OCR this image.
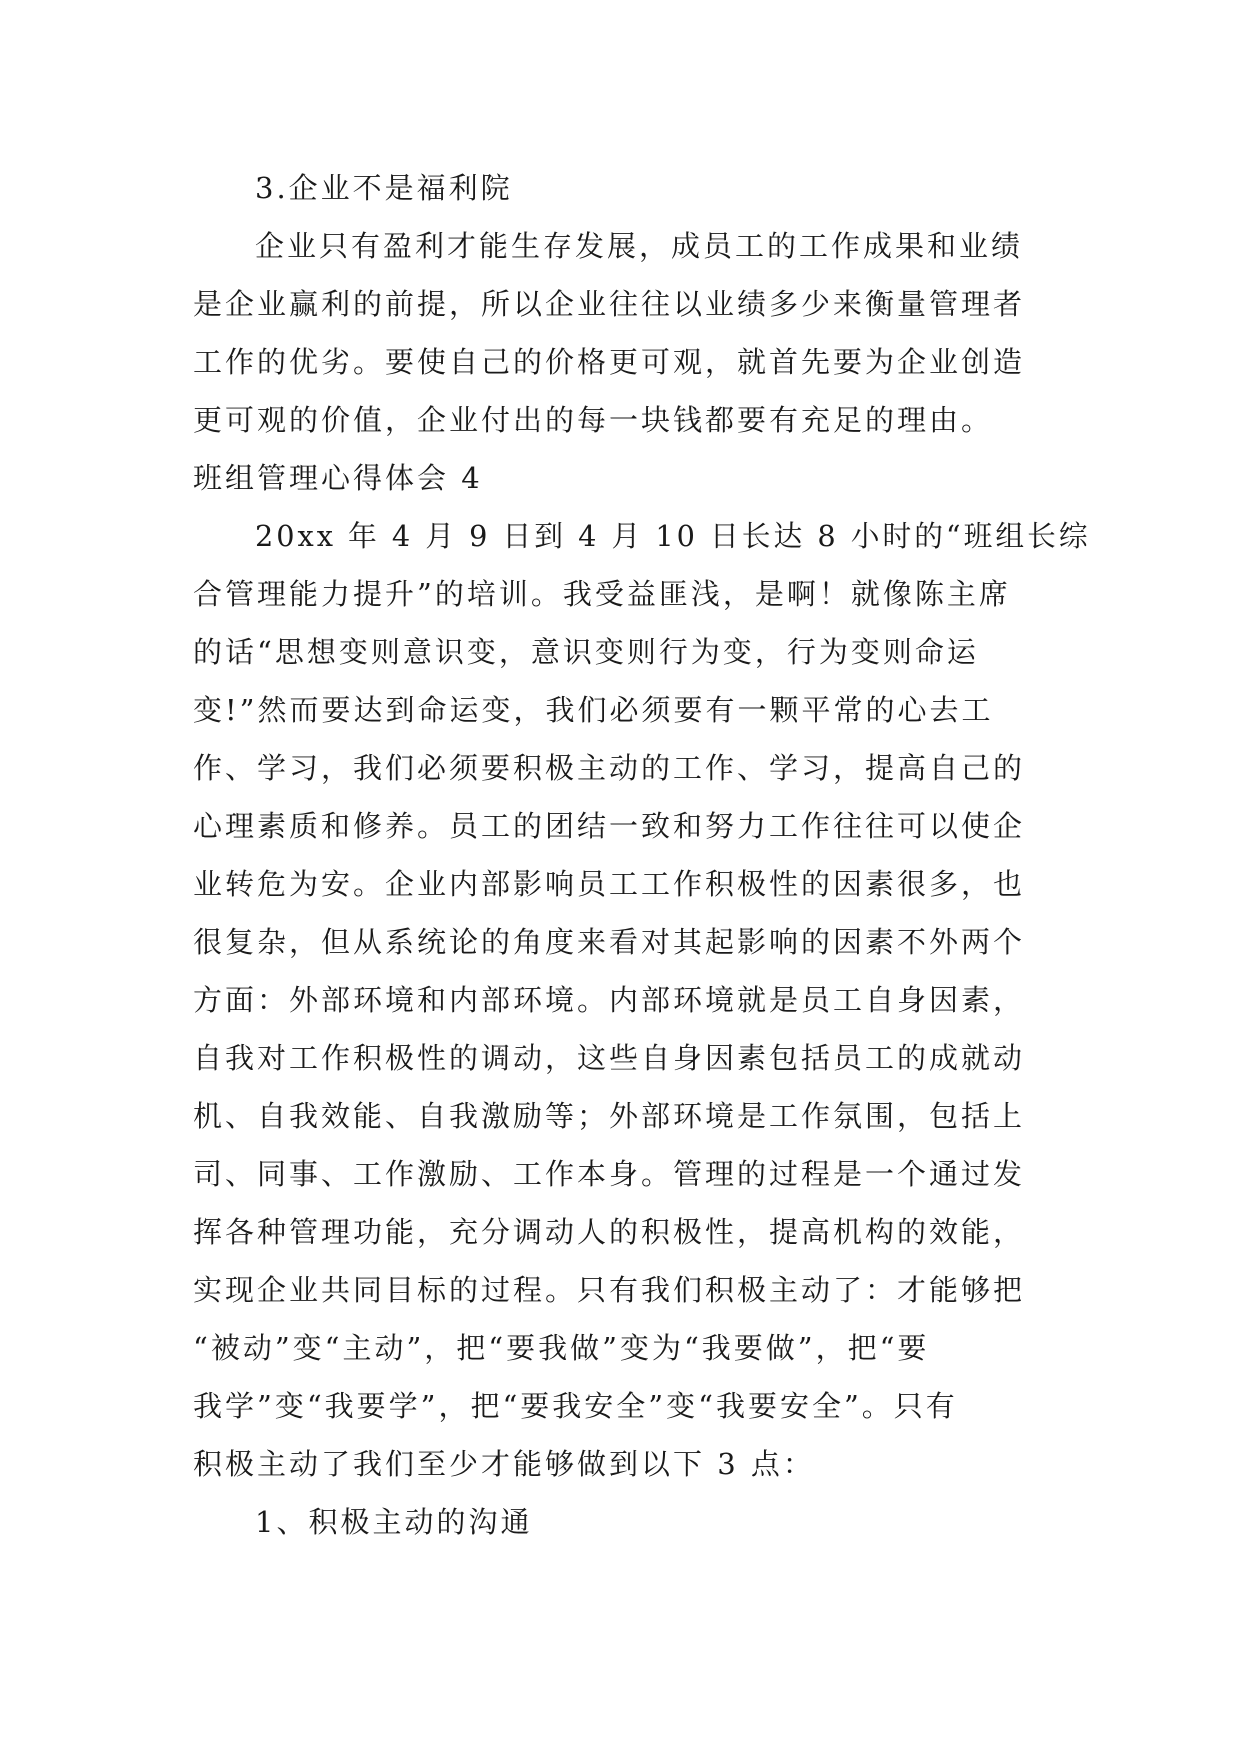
3.企业不是福利院
企业只有盈利才能生存发展，成员工的工作成果和业绩
是企业赢利的前提，所以企业往往以业绩多少来衡量管理者
工作的优劣。要使自己的价格更可观，就首先要为企业创造
更可观的价值，企业付出的每一块钱都要有充足的理由。
班组管理心得体会 4
20xx 年 4 月 9 日到 4 月 10 日长达 8 小时的“班组长综
合管理能力提升”的培训。我受益匪浅，是啊！就像陈主席
的话“思想变则意识变，意识变则行为变，行为变则命运
变!”然而要达到命运变，我们必须要有一颗平常的心去工
作、学习，我们必须要积极主动的工作、学习，提高自己的
心理素质和修养。员工的团结一致和努力工作往往可以使企
业转危为安。企业内部影响员工工作积极性的因素很多，也
很复杂，但从系统论的角度来看对其起影响的因素不外两个
方面：外部环境和内部环境。内部环境就是员工自身因素，
自我对工作积极性的调动，这些自身因素包括员工的成就动
机、自我效能、自我激励等；外部环境是工作氛围，包括上
司、同事、工作激励、工作本身。管理的过程是一个通过发
挥各种管理功能，充分调动人的积极性，提高机构的效能，
实现企业共同目标的过程。只有我们积极主动了：才能够把
“被动”变“主动”，把“要我做”变为“我要做”，把“要
我学”变“我要学”，把“要我安全”变“我要安全”。只有
积极主动了我们至少才能够做到以下 3 点：
1、积极主动的沟通
